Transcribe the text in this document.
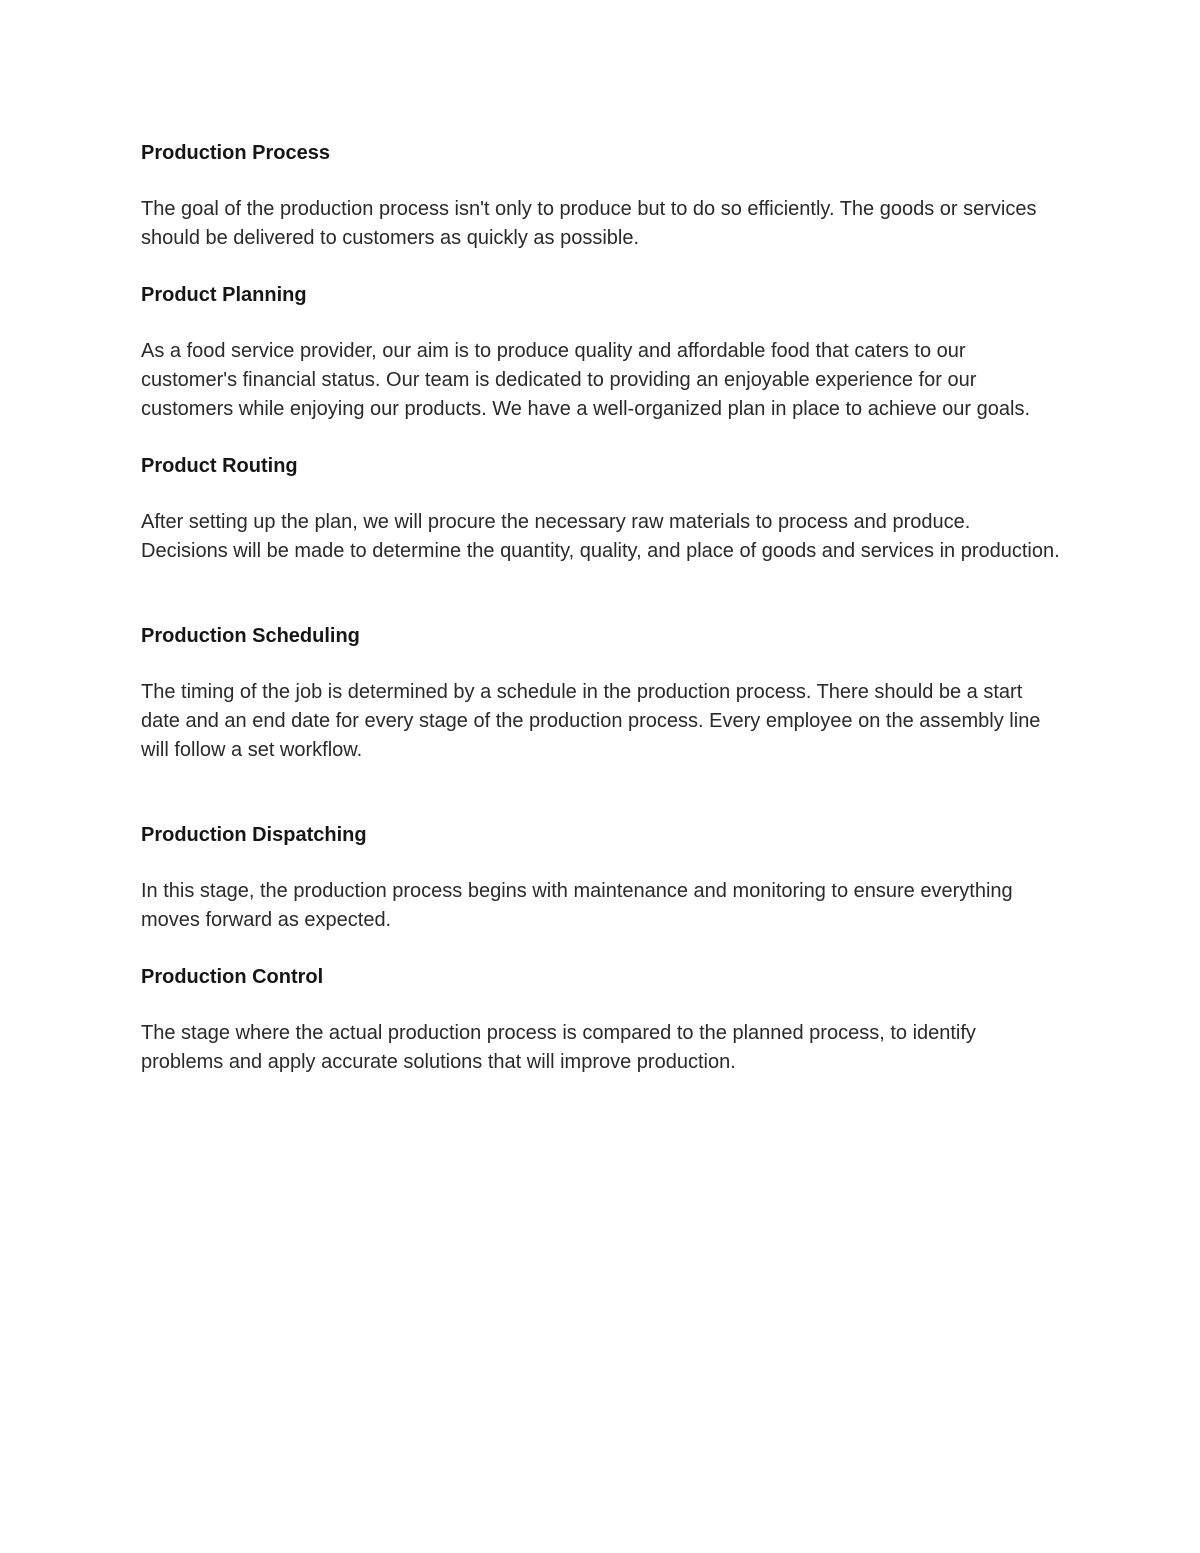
Production Process

The goal of the production process isn't only to produce but to do so efficiently. The goods or services should be delivered to customers as quickly as possible.

Product Planning

As a food service provider, our aim is to produce quality and affordable food that caters to our customer's financial status. Our team is dedicated to providing an enjoyable experience for our customers while enjoying our products. We have a well-organized plan in place to achieve our goals.

Product Routing

After setting up the plan, we will procure the necessary raw materials to process and produce. Decisions will be made to determine the quantity, quality, and place of goods and services in production.

Production Scheduling

The timing of the job is determined by a schedule in the production process. There should be a start date and an end date for every stage of the production process. Every employee on the assembly line will follow a set workflow.

Production Dispatching

In this stage, the production process begins with maintenance and monitoring to ensure everything moves forward as expected.

Production Control

The stage where the actual production process is compared to the planned process, to identify problems and apply accurate solutions that will improve production.
